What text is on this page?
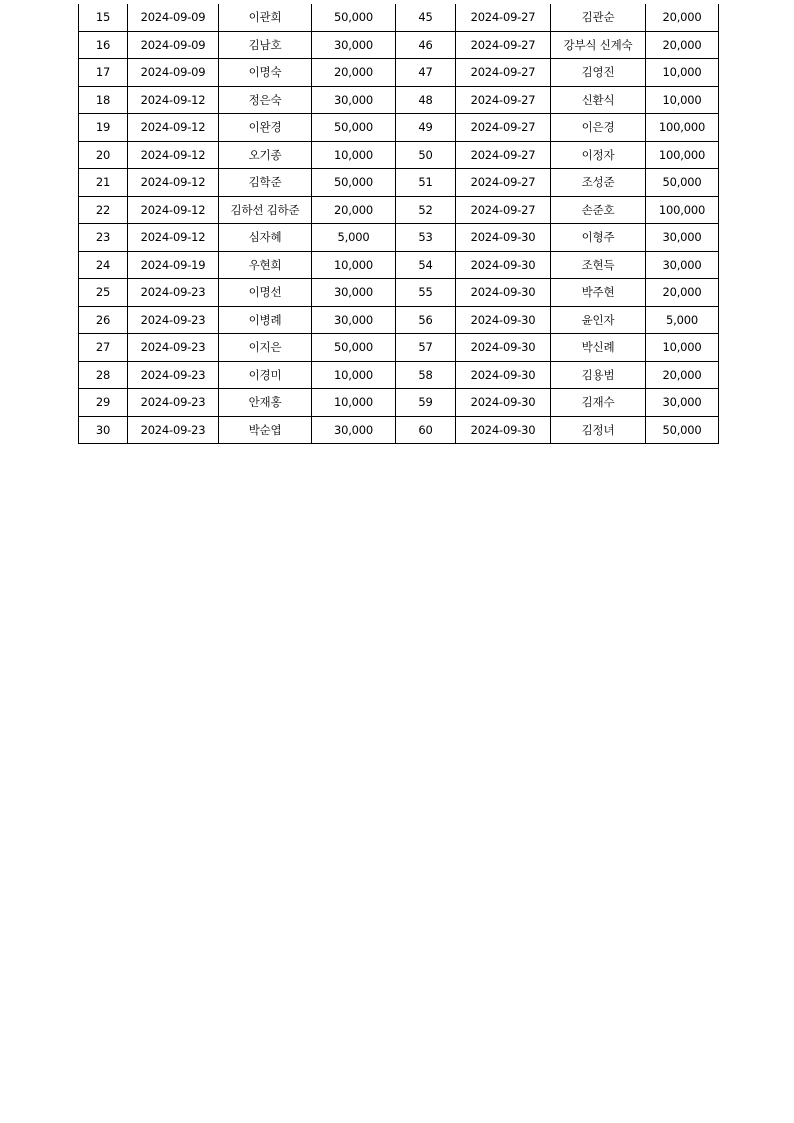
15	2024-09-09	이관희	50,000	45	2024-09-27	김관순	20,000
16	2024-09-09	김남호	30,000	46	2024-09-27	강부식 신계숙	20,000
17	2024-09-09	이명숙	20,000	47	2024-09-27	김영진	10,000
18	2024-09-12	정은숙	30,000	48	2024-09-27	신환식	10,000
19	2024-09-12	이완경	50,000	49	2024-09-27	이은경	100,000
20	2024-09-12	오기종	10,000	50	2024-09-27	이정자	100,000
21	2024-09-12	김학준	50,000	51	2024-09-27	조성준	50,000
22	2024-09-12	김하선 김하준	20,000	52	2024-09-27	손준호	100,000
23	2024-09-12	심자혜	5,000	53	2024-09-30	이형주	30,000
24	2024-09-19	우현희	10,000	54	2024-09-30	조현득	30,000
25	2024-09-23	이명선	30,000	55	2024-09-30	박주현	20,000
26	2024-09-23	이병례	30,000	56	2024-09-30	윤인자	5,000
27	2024-09-23	이지은	50,000	57	2024-09-30	박신례	10,000
28	2024-09-23	이경미	10,000	58	2024-09-30	김용범	20,000
29	2024-09-23	안재홍	10,000	59	2024-09-30	김재수	30,000
30	2024-09-23	박순엽	30,000	60	2024-09-30	김정녀	50,000
